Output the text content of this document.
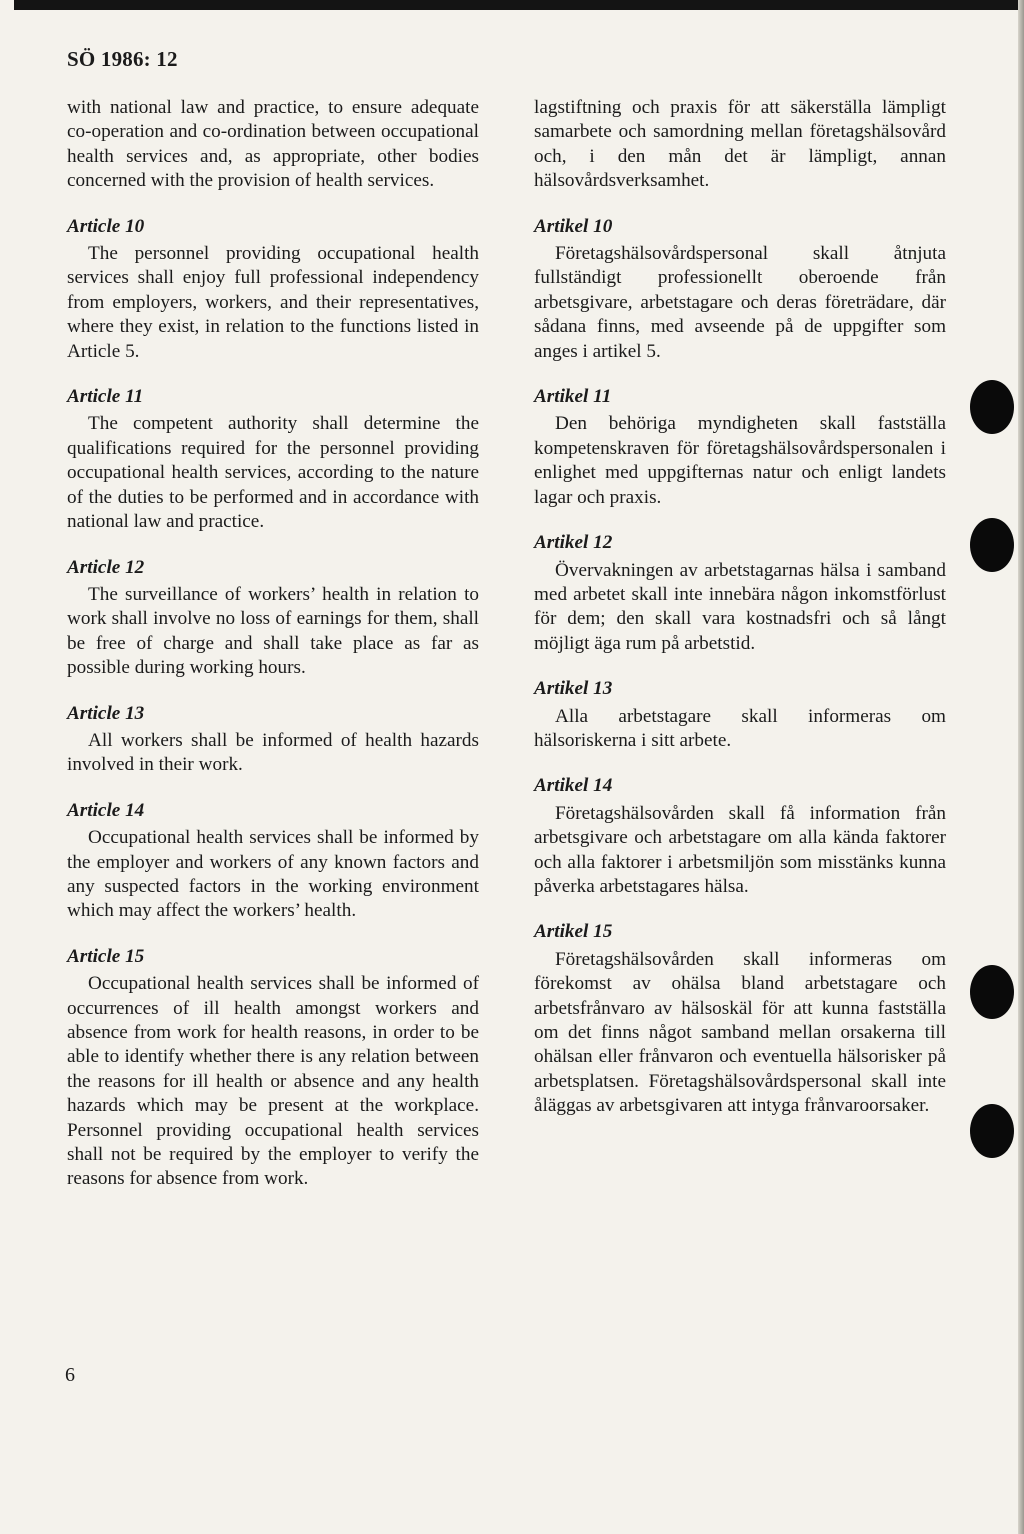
SÖ 1986: 12

with national law and practice, to ensure adequate co-operation and co-ordination between occupational health services and, as appropriate, other bodies concerned with the provision of health services.

Article 10

The personnel providing occupational health services shall enjoy full professional independency from employers, workers, and their representatives, where they exist, in relation to the functions listed in Article 5.

Article 11

The competent authority shall determine the qualifications required for the personnel providing occupational health services, according to the nature of the duties to be performed and in accordance with national law and practice.

Article 12

The surveillance of workers’ health in relation to work shall involve no loss of earnings for them, shall be free of charge and shall take place as far as possible during working hours.

Article 13

All workers shall be informed of health hazards involved in their work.

Article 14

Occupational health services shall be informed by the employer and workers of any known factors and any suspected factors in the working environment which may affect the workers’ health.

Article 15

Occupational health services shall be informed of occurrences of ill health amongst workers and absence from work for health reasons, in order to be able to identify whether there is any relation between the reasons for ill health or absence and any health hazards which may be present at the workplace. Personnel providing occupational health services shall not be required by the employer to verify the reasons for absence from work.

lagstiftning och praxis för att säkerställa lämpligt samarbete och samordning mellan företagshälsovård och, i den mån det är lämpligt, annan hälsovårdsverksamhet.

Artikel 10

Företagshälsovårdspersonal skall åtnjuta fullständigt professionellt oberoende från arbetsgivare, arbetstagare och deras företrädare, där sådana finns, med avseende på de uppgifter som anges i artikel 5.

Artikel 11

Den behöriga myndigheten skall fastställa kompetenskraven för företagshälsovårdspersonalen i enlighet med uppgifternas natur och enligt landets lagar och praxis.

Artikel 12

Övervakningen av arbetstagarnas hälsa i samband med arbetet skall inte innebära någon inkomstförlust för dem; den skall vara kostnadsfri och så långt möjligt äga rum på arbetstid.

Artikel 13

Alla arbetstagare skall informeras om hälsoriskerna i sitt arbete.

Artikel 14

Företagshälsovården skall få information från arbetsgivare och arbetstagare om alla kända faktorer och alla faktorer i arbetsmiljön som misstänks kunna påverka arbetstagares hälsa.

Artikel 15

Företagshälsovården skall informeras om förekomst av ohälsa bland arbetstagare och arbetsfrånvaro av hälsoskäl för att kunna fastställa om det finns något samband mellan orsakerna till ohälsan eller frånvaron och eventuella hälsorisker på arbetsplatsen. Företagshälsovårdspersonal skall inte åläggas av arbetsgivaren att intyga frånvaroorsaker.

6
